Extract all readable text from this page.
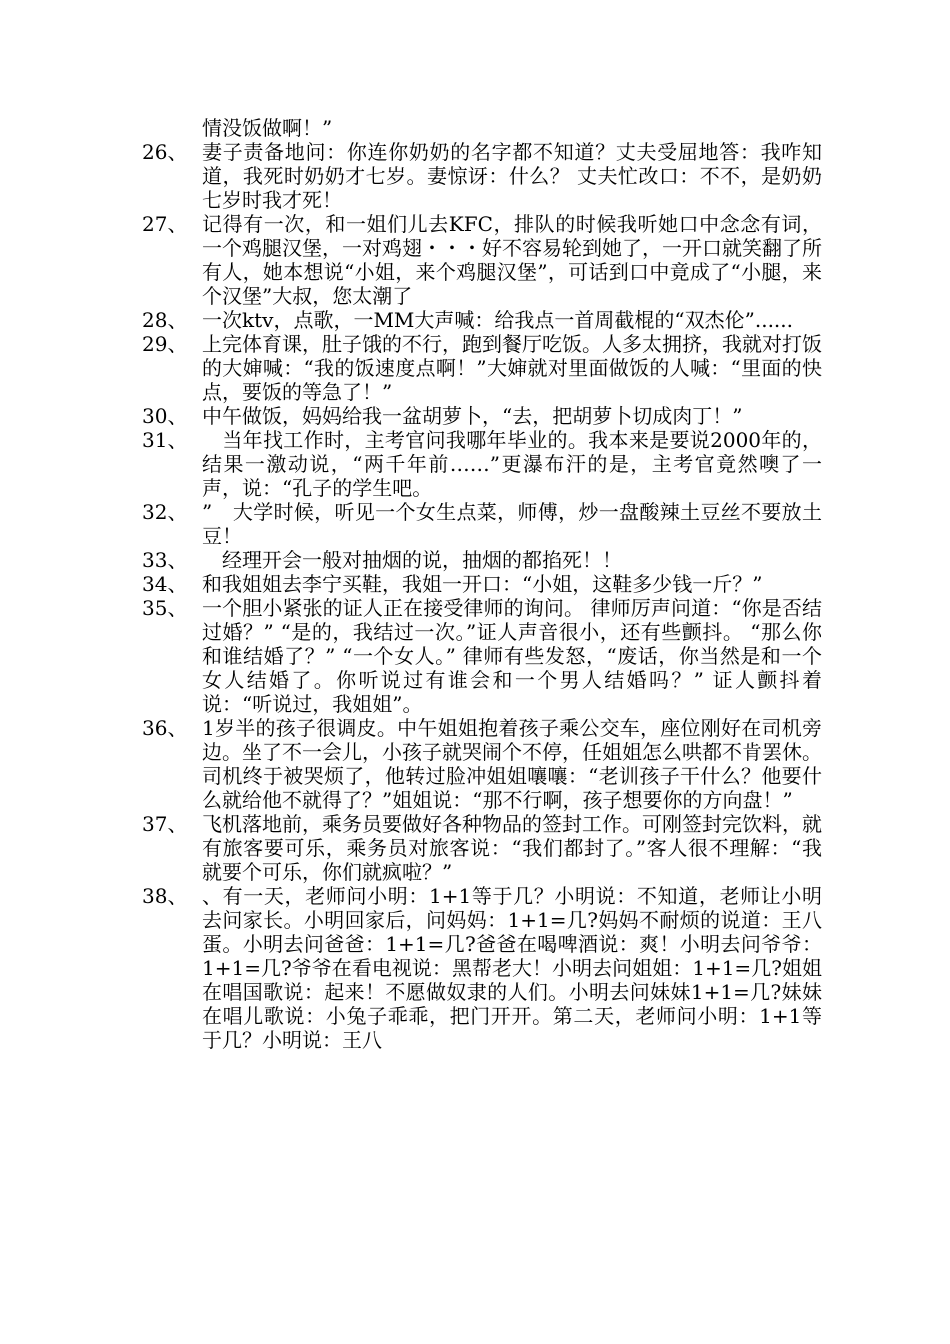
情没饭做啊！”
26、 妻子责备地问：你连你奶奶的名字都不知道？丈夫受屈地答：我咋知道，我死时奶奶才七岁。妻惊讶：什么？ 丈夫忙改口：不不，是奶奶七岁时我才死！
27、 记得有一次，和一姐们儿去KFC，排队的时候我听她口中念念有词，一个鸡腿汉堡，一对鸡翅・・・好不容易轮到她了，一开口就笑翻了所有人，她本想说“小姐，来个鸡腿汉堡”，可话到口中竟成了“小腿，来个汉堡”大叔，您太潮了
28、 一次ktv，点歌，一MM大声喊：给我点一首周截棍的“双杰伦”......
29、 上完体育课，肚子饿的不行，跑到餐厅吃饭。人多太拥挤，我就对打饭的大婶喊：“我的饭速度点啊！”大婶就对里面做饭的人喊：“里面的快点，要饭的等急了！”
30、 中午做饭，妈妈给我一盆胡萝卜，“去，把胡萝卜切成肉丁！”
31、 　当年找工作时，主考官问我哪年毕业的。我本来是要说2000年的，结果一激动说，“两千年前……”更瀑布汗的是，主考官竟然噢了一声，说：“孔子的学生吧。
32、 ”　大学时候，听见一个女生点菜，师傅，炒一盘酸辣土豆丝不要放土豆！
33、 　经理开会一般对抽烟的说，抽烟的都掐死！！
34、 和我姐姐去李宁买鞋，我姐一开口：“小姐，这鞋多少钱一斤？”
35、 一个胆小紧张的证人正在接受律师的询问。 律师厉声问道：“你是否结过婚？” “是的，我结过一次。”证人声音很小，还有些颤抖。 “那么你和谁结婚了？” “一个女人。” 律师有些发怒，“废话，你当然是和一个女人结婚了。你听说过有谁会和一个男人结婚吗？” 证人颤抖着说：“听说过，我姐姐”。
36、 1岁半的孩子很调皮。中午姐姐抱着孩子乘公交车，座位刚好在司机旁边。坐了不一会儿，小孩子就哭闹个不停，任姐姐怎么哄都不肯罢休。司机终于被哭烦了，他转过脸冲姐姐嚷嚷：“老训孩子干什么？他要什么就给他不就得了？”姐姐说：“那不行啊，孩子想要你的方向盘！”
37、 飞机落地前，乘务员要做好各种物品的签封工作。可刚签封完饮料，就有旅客要可乐，乘务员对旅客说：“我们都封了。”客人很不理解：“我就要个可乐，你们就疯啦？”
38、 、有一天，老师问小明：1+1等于几？小明说：不知道，老师让小明去问家长。小明回家后，问妈妈：1+1=几?妈妈不耐烦的说道：王八蛋。小明去问爸爸：1+1=几?爸爸在喝啤酒说：爽！小明去问爷爷：1+1=几?爷爷在看电视说：黑帮老大！小明去问姐姐：1+1=几?姐姐在唱国歌说：起来！不愿做奴隶的人们。小明去问妹妹1+1=几?妹妹在唱儿歌说：小兔子乖乖，把门开开。第二天，老师问小明：1+1等于几？小明说：王八
